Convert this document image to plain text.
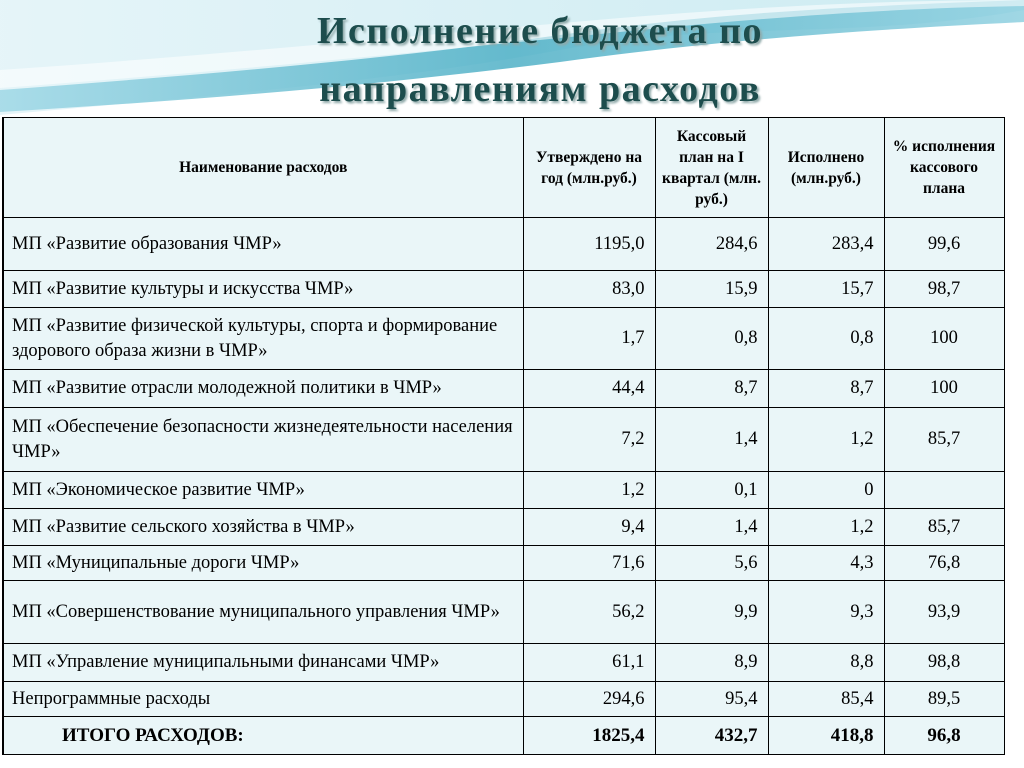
Исполнение бюджета по
направлениям расходов
Наименование расходов	Утверждено на год (млн.руб.)	Кассовый план на I квартал (млн. руб.)	Исполнено (млн.руб.)	% исполнения кассового плана
МП «Развитие образования ЧМР»	1195,0	284,6	283,4	99,6
МП «Развитие культуры и искусства ЧМР»	83,0	15,9	15,7	98,7
МП «Развитие физической культуры, спорта и формирование здорового образа жизни в ЧМР»	1,7	0,8	0,8	100
МП «Развитие отрасли молодежной политики в ЧМР»	44,4	8,7	8,7	100
МП «Обеспечение безопасности жизнедеятельности населения ЧМР»	7,2	1,4	1,2	85,7
МП «Экономическое развитие ЧМР»	1,2	0,1	0	
МП «Развитие сельского хозяйства в ЧМР»	9,4	1,4	1,2	85,7
МП «Муниципальные дороги ЧМР»	71,6	5,6	4,3	76,8
МП «Совершенствование муниципального управления ЧМР»	56,2	9,9	9,3	93,9
МП «Управление муниципальными финансами ЧМР»	61,1	8,9	8,8	98,8
Непрограммные расходы	294,6	95,4	85,4	89,5
ИТОГО РАСХОДОВ:	1825,4	432,7	418,8	96,8
